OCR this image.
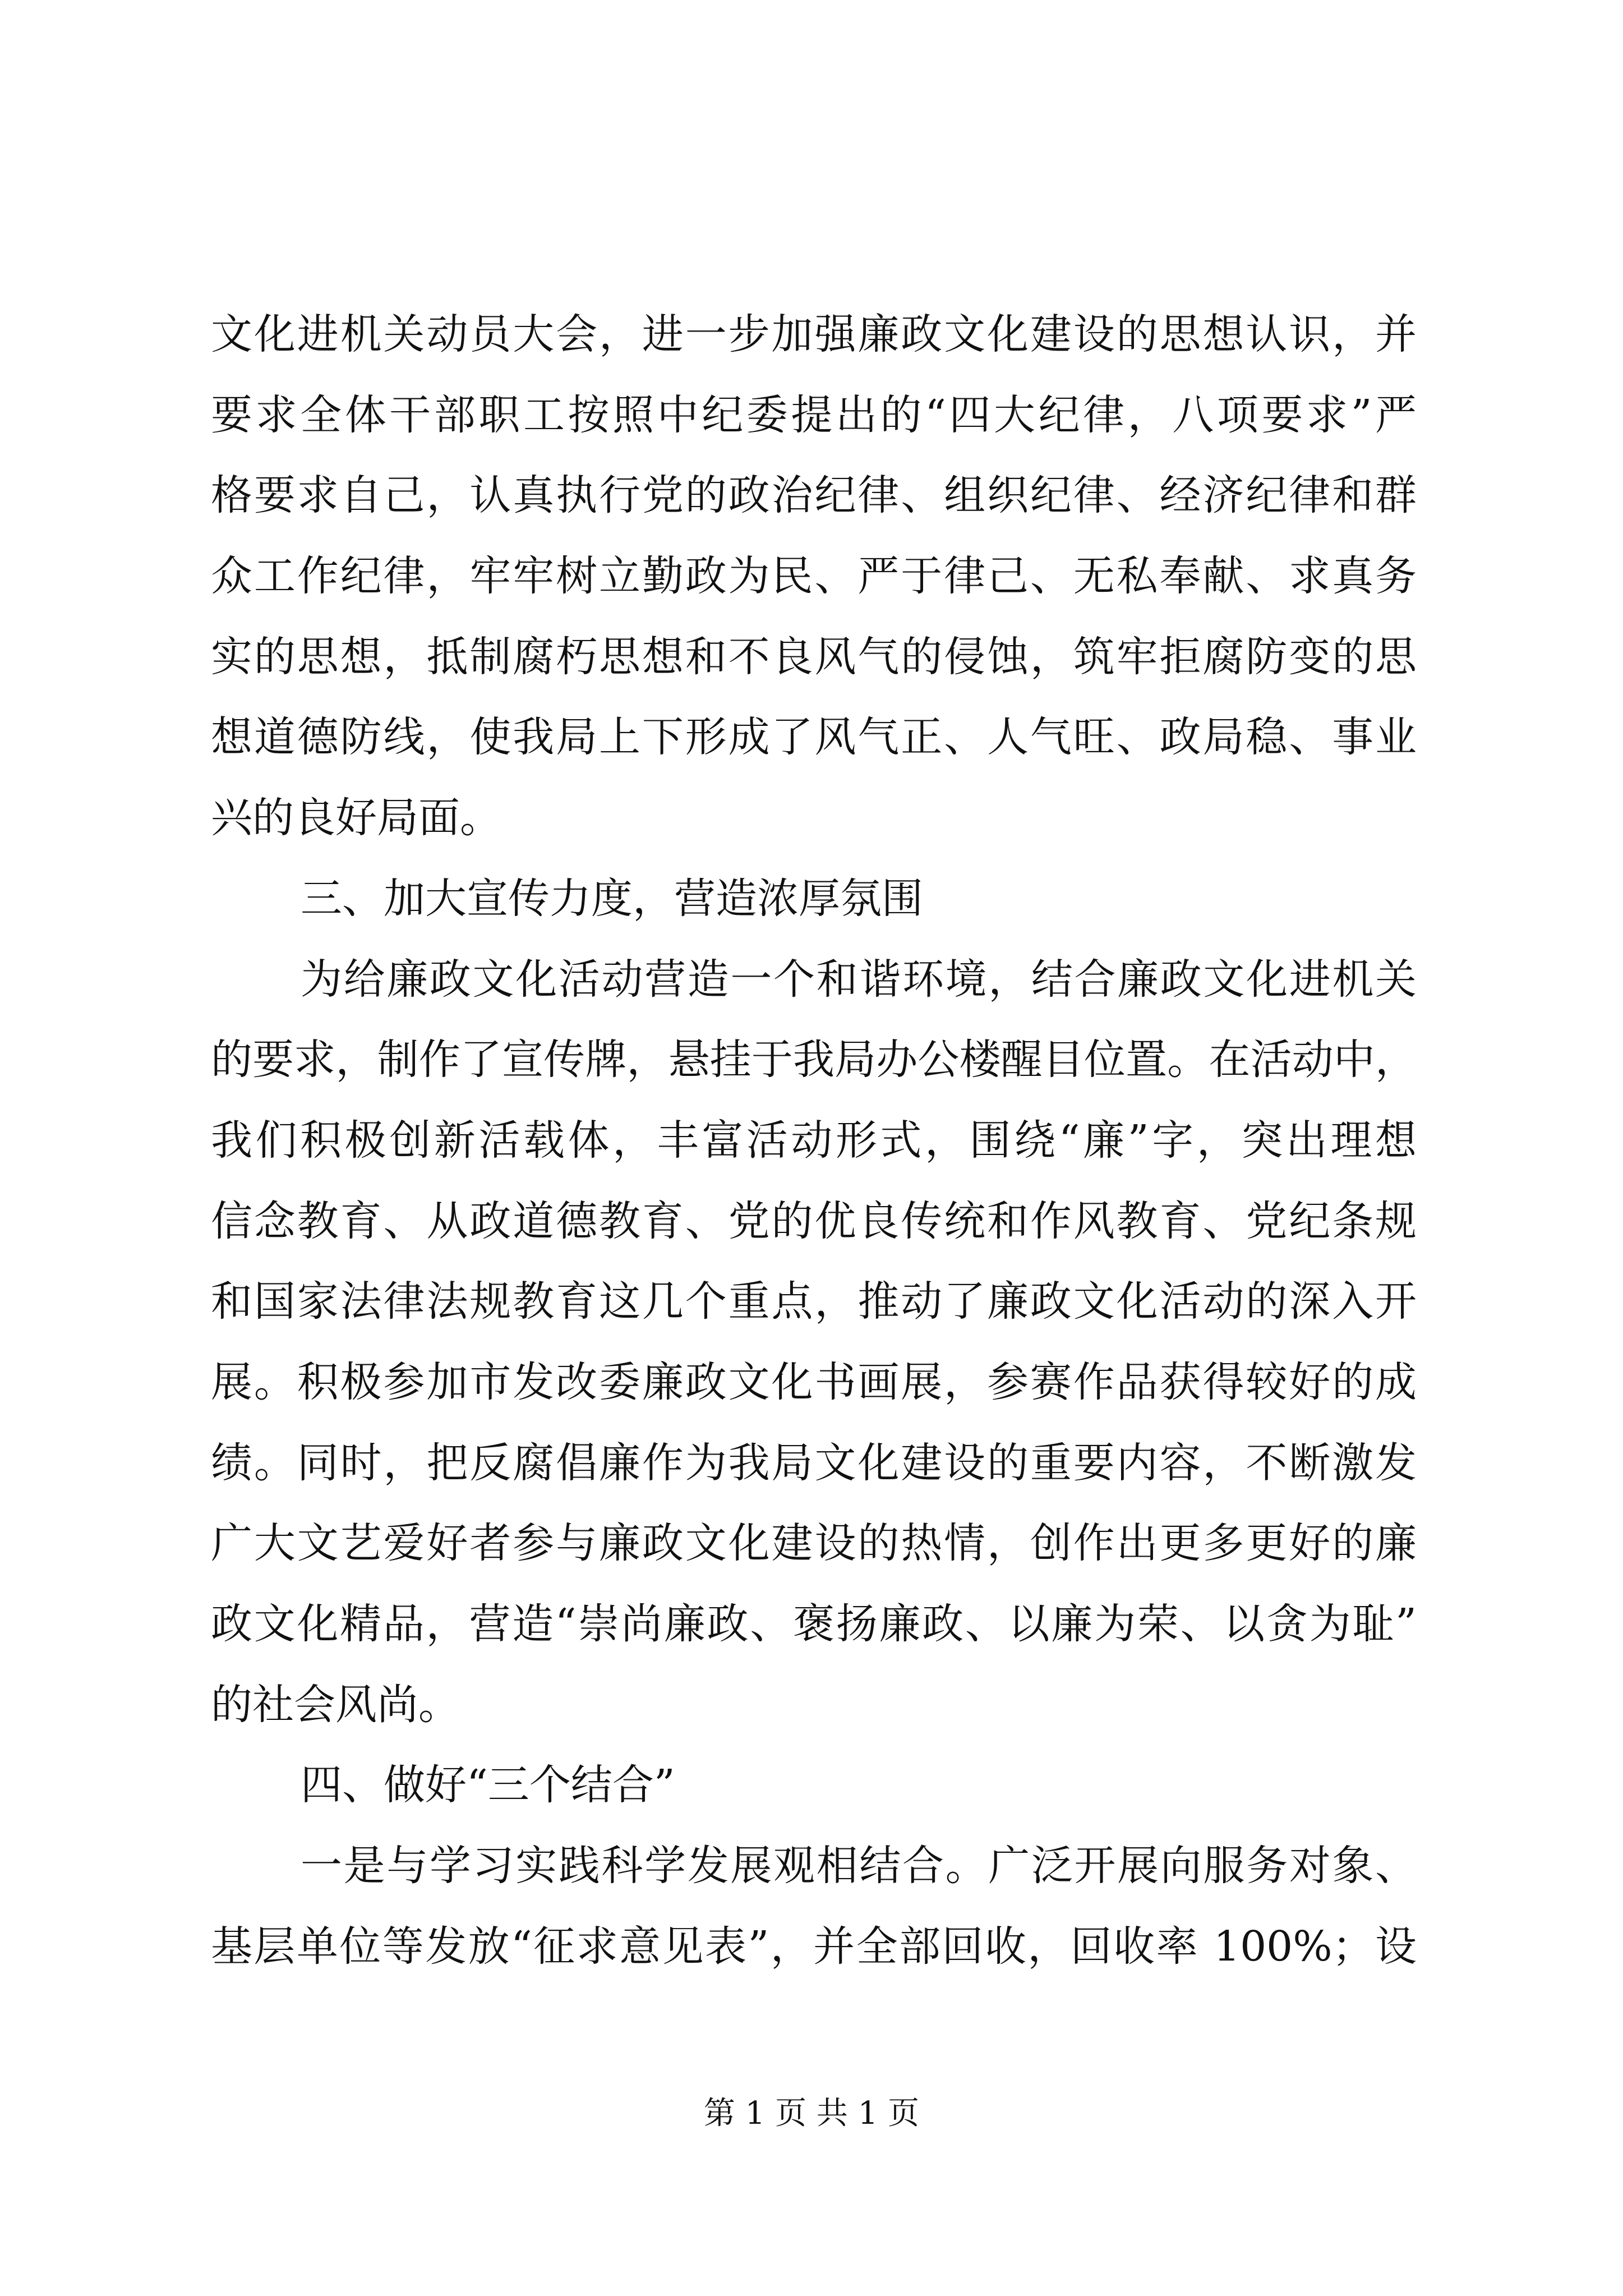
文化进机关动员大会，进一步加强廉政文化建设的思想认识，并
要求全体干部职工按照中纪委提出的“四大纪律，八项要求”严
格要求自己，认真执行党的政治纪律、组织纪律、经济纪律和群
众工作纪律，牢牢树立勤政为民、严于律己、无私奉献、求真务
实的思想，抵制腐朽思想和不良风气的侵蚀，筑牢拒腐防变的思
想道德防线，使我局上下形成了风气正、人气旺、政局稳、事业
兴的良好局面。
三、加大宣传力度，营造浓厚氛围
为给廉政文化活动营造一个和谐环境，结合廉政文化进机关
的要求，制作了宣传牌，悬挂于我局办公楼醒目位置。在活动中，
我们积极创新活载体，丰富活动形式，围绕“廉”字，突出理想
信念教育、从政道德教育、党的优良传统和作风教育、党纪条规
和国家法律法规教育这几个重点，推动了廉政文化活动的深入开
展。积极参加市发改委廉政文化书画展，参赛作品获得较好的成
绩。同时，把反腐倡廉作为我局文化建设的重要内容，不断激发
广大文艺爱好者参与廉政文化建设的热情，创作出更多更好的廉
政文化精品，营造“崇尚廉政、褒扬廉政、以廉为荣、以贪为耻”
的社会风尚。
四、做好“三个结合”
一是与学习实践科学发展观相结合。广泛开展向服务对象、
基层单位等发放“征求意见表”，并全部回收，回收率 100%；设
第 1 页 共 1 页
